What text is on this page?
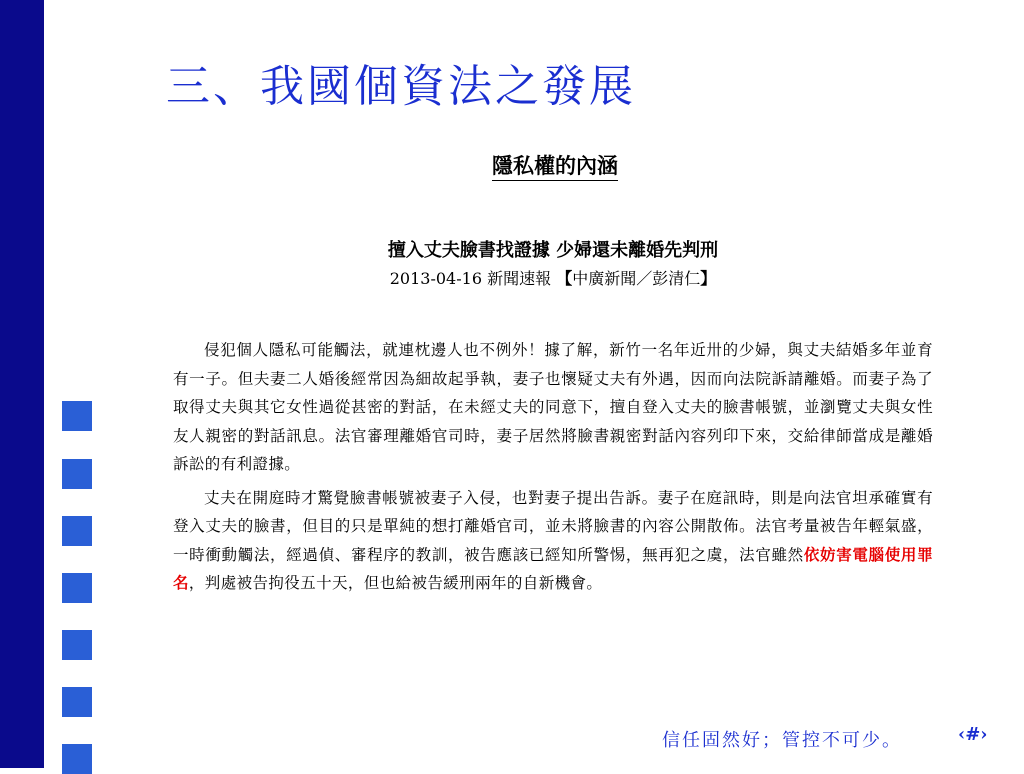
三、我國個資法之發展
隱私權的內涵
擅入丈夫臉書找證據 少婦還未離婚先判刑
2013-04-16 新聞速報 【中廣新聞／彭清仁】

侵犯個人隱私可能觸法，就連枕邊人也不例外！據了解，新竹一名年近卅的少婦，與丈夫結婚多年並育有一子。但夫妻二人婚後經常因為細故起爭執，妻子也懷疑丈夫有外遇，因而向法院訴請離婚。而妻子為了取得丈夫與其它女性過從甚密的對話，在未經丈夫的同意下，擅自登入丈夫的臉書帳號，並瀏覽丈夫與女性友人親密的對話訊息。法官審理離婚官司時，妻子居然將臉書親密對話內容列印下來，交給律師當成是離婚訴訟的有利證據。

丈夫在開庭時才驚覺臉書帳號被妻子入侵，也對妻子提出告訴。妻子在庭訊時，則是向法官坦承確實有登入丈夫的臉書，但目的只是單純的想打離婚官司，並未將臉書的內容公開散佈。法官考量被告年輕氣盛，一時衝動觸法，經過偵、審程序的教訓，被告應該已經知所警惕，無再犯之虞，法官雖然依妨害電腦使用罪名，判處被告拘役五十天，但也給被告緩刑兩年的自新機會。

信任固然好；管控不可少。	‹#›
